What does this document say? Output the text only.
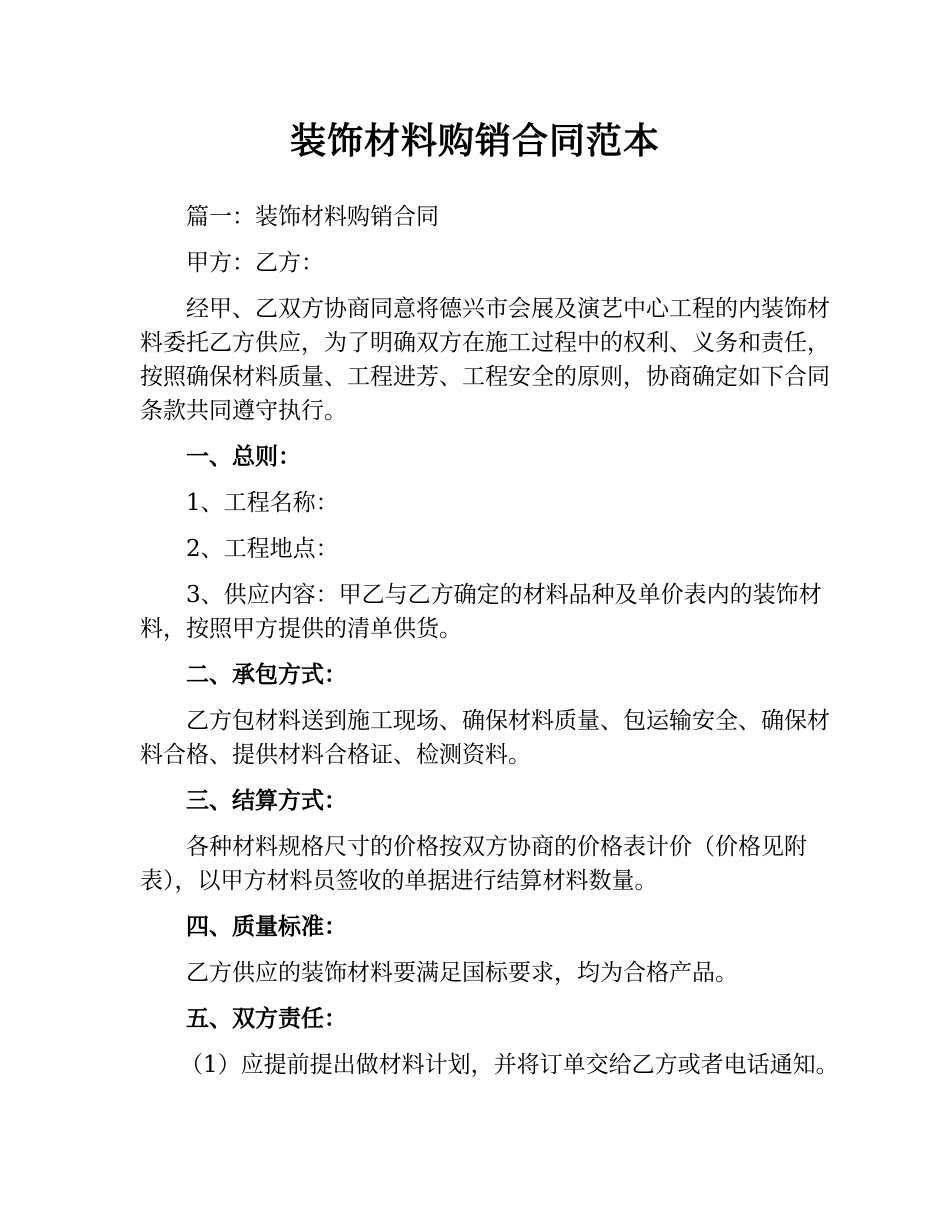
装饰材料购销合同范本

篇一：装饰材料购销合同

甲方：乙方：

经甲、乙双方协商同意将德兴市会展及演艺中心工程的内装饰材料委托乙方供应，为了明确双方在施工过程中的权利、义务和责任，按照确保材料质量、工程进芳、工程安全的原则，协商确定如下合同条款共同遵守执行。

一、总则：

1、工程名称：

2、工程地点：

3、供应内容：甲乙与乙方确定的材料品种及单价表内的装饰材料，按照甲方提供的清单供货。

二、承包方式：

乙方包材料送到施工现场、确保材料质量、包运输安全、确保材料合格、提供材料合格证、检测资料。

三、结算方式：

各种材料规格尺寸的价格按双方协商的价格表计价（价格见附表），以甲方材料员签收的单据进行结算材料数量。

四、质量标准：

乙方供应的装饰材料要满足国标要求，均为合格产品。

五、双方责任：

（1）应提前提出做材料计划，并将订单交给乙方或者电话通知。
